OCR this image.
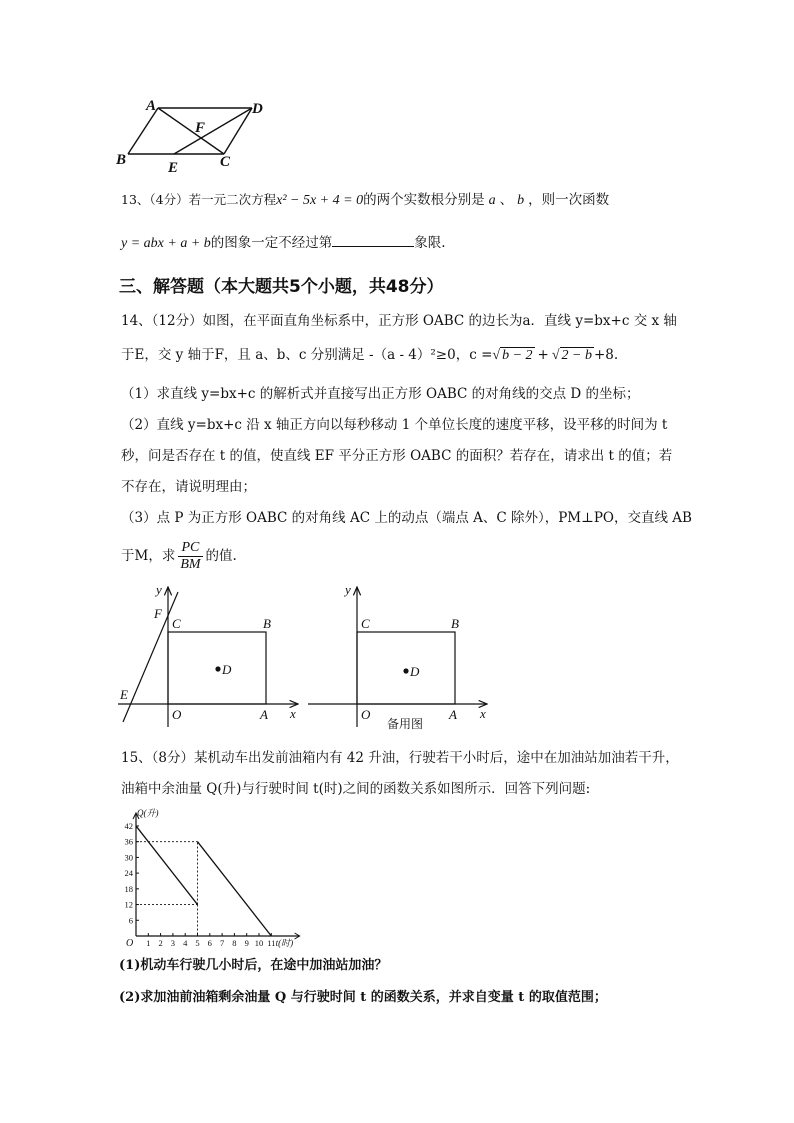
A	D
F
B	E	C
13、（4分）若一元二次方程x² − 5x + 4 = 0的两个实数根分别是 a 、 b ，则一次函数
y = abx + a + b的图象一定不经过第	象限.
三、解答题（本大题共5个小题，共48分）
14、（12分）如图，在平面直角坐标系中，正方形 OABC 的边长为a．直线 y=bx+c 交 x 轴
于E，交 y 轴于F，且 a、b、c 分别满足 -（a - 4）²≥0，c =√ b − 2 + √ 2 − b +8.
（1）求直线 y=bx+c 的解析式并直接写出正方形 OABC 的对角线的交点 D 的坐标；
（2）直线 y=bx+c 沿 x 轴正方向以每秒移动 1 个单位长度的速度平移，设平移的时间为 t
秒，问是否存在 t 的值，使直线 EF 平分正方形 OABC 的面积？若存在，请求出 t 的值；若
不存在，请说明理由；
（3）点 P 为正方形 OABC 的对角线 AC 上的动点（端点 A、C 除外），PM⊥PO，交直线 AB
于M，求 $\frac{PC}{BM}$ 的值.
y
x
F
C	B
D
E
O	A
y
x
C	B
D
O	A
备用图
15、（8分）某机动车出发前油箱内有 42 升油，行驶若干小时后，途中在加油站加油若干升，
油箱中余油量 Q(升)与行驶时间 t(时)之间的函数关系如图所示．回答下列问题:
1 2 3 4 5 6 7 8 9 10 11
6
12
18
24
30
36
42
O
Q(升)
t(时)
(1)机动车行驶几小时后，在途中加油站加油？
(2)求加油前油箱剩余油量 Q 与行驶时间 t 的函数关系，并求自变量 t 的取值范围；
